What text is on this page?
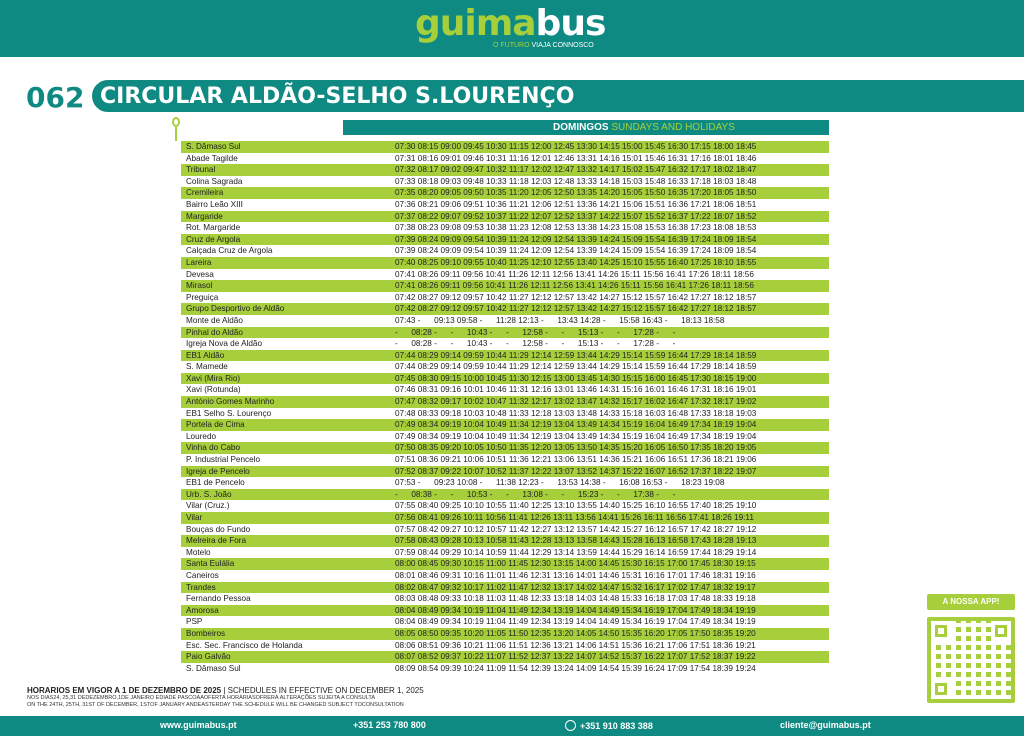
guimabus
O FUTURO VIAJA CONNOSCO
062 CIRCULAR ALDÃO-SELHO S.LOURENÇO
DOMINGOS SUNDAYS AND HOLIDAYS
S. Dâmaso Sul	07:30 08:15 09:00 09:45 10:30 11:15 12:00 12:45 13:30 14:15 15:00 15:45 16:30 17:15 18:00 18:45
Abade Tagilde	07:31 08:16 09:01 09:46 10:31 11:16 12:01 12:46 13:31 14:16 15:01 15:46 16:31 17:16 18:01 18:46
Tribunal	07:32 08:17 09:02 09:47 10:32 11:17 12:02 12:47 13:32 14:17 15:02 15:47 16:32 17:17 18:02 18:47
Colina Sagrada	07:33 08:18 09:03 09:48 10:33 11:18 12:03 12:48 13:33 14:18 15:03 15:48 16:33 17:18 18:03 18:48
Cremileira	07:35 08:20 09:05 09:50 10:35 11:20 12:05 12:50 13:35 14:20 15:05 15:50 16:35 17:20 18:05 18:50
Bairro Leão XIII	07:36 08:21 09:06 09:51 10:36 11:21 12:06 12:51 13:36 14:21 15:06 15:51 16:36 17:21 18:06 18:51
Margaride	07:37 08:22 09:07 09:52 10:37 11:22 12:07 12:52 13:37 14:22 15:07 15:52 16:37 17:22 18:07 18:52
Rot. Margaride	07:38 08:23 09:08 09:53 10:38 11:23 12:08 12:53 13:38 14:23 15:08 15:53 16:38 17:23 18:08 18:53
Cruz de Argola	07:39 08:24 09:09 09:54 10:39 11:24 12:09 12:54 13:39 14:24 15:09 15:54 16:39 17:24 18:09 18:54
Calçada Cruz de Argola	07:39 08:24 09:09 09:54 10:39 11:24 12:09 12:54 13:39 14:24 15:09 15:54 16:39 17:24 18:09 18:54
Lareira	07:40 08:25 09:10 09:55 10:40 11:25 12:10 12:55 13:40 14:25 15:10 15:55 16:40 17:25 18:10 18:55
Devesa	07:41 08:26 09:11 09:56 10:41 11:26 12:11 12:56 13:41 14:26 15:11 15:56 16:41 17:26 18:11 18:56
Mirasol	07:41 08:26 09:11 09:56 10:41 11:26 12:11 12:56 13:41 14:26 15:11 15:56 16:41 17:26 18:11 18:56
Preguiça	07:42 08:27 09:12 09:57 10:42 11:27 12:12 12:57 13:42 14:27 15:12 15:57 16:42 17:27 18:12 18:57
Grupo Desportivo de Aldão	07:42 08:27 09:12 09:57 10:42 11:27 12:12 12:57 13:42 14:27 15:12 15:57 16:42 17:27 18:12 18:57
Monte de Aldão	07:43 -      09:13 09:58 -      11:28 12:13 -      13:43 14:28 -      15:58 16:43 -      18:13 18:58
Pinhal do Aldão	-      08:28 -      -      10:43 -      -      12:58 -      -      15:13 -      -      17:28 -      -
Igreja Nova de Aldão	-      08:28 -      -      10:43 -      -      12:58 -      -      15:13 -      -      17:28 -      -
EB1 Aldão	07:44 08:29 09:14 09:59 10:44 11:29 12:14 12:59 13:44 14:29 15:14 15:59 16:44 17:29 18:14 18:59
S. Mamede	07:44 08:29 09:14 09:59 10:44 11:29 12:14 12:59 13:44 14:29 15:14 15:59 16:44 17:29 18:14 18:59
Xavi (Mira Rio)	07:45 08:30 09:15 10:00 10:45 11:30 12:15 13:00 13:45 14:30 15:15 16:00 16:45 17:30 18:15 19:00
Xavi (Rotunda)	07:46 08:31 09:16 10:01 10:46 11:31 12:16 13:01 13:46 14:31 15:16 16:01 16:46 17:31 18:16 19:01
António Gomes Marinho	07:47 08:32 09:17 10:02 10:47 11:32 12:17 13:02 13:47 14:32 15:17 16:02 16:47 17:32 18:17 19:02
EB1 Selho S. Lourenço	07:48 08:33 09:18 10:03 10:48 11:33 12:18 13:03 13:48 14:33 15:18 16:03 16:48 17:33 18:18 19:03
Portela de Cima	07:49 08:34 09:19 10:04 10:49 11:34 12:19 13:04 13:49 14:34 15:19 16:04 16:49 17:34 18:19 19:04
Louredo	07:49 08:34 09:19 10:04 10:49 11:34 12:19 13:04 13:49 14:34 15:19 16:04 16:49 17:34 18:19 19:04
Vinha do Cabo	07:50 08:35 09:20 10:05 10:50 11:35 12:20 13:05 13:50 14:35 15:20 16:05 16:50 17:35 18:20 19:05
P. Industrial Pencelo	07:51 08:36 09:21 10:06 10:51 11:36 12:21 13:06 13:51 14:36 15:21 16:06 16:51 17:36 18:21 19:06
Igreja de Pencelo	07:52 08:37 09:22 10:07 10:52 11:37 12:22 13:07 13:52 14:37 15:22 16:07 16:52 17:37 18:22 19:07
EB1 de Pencelo	07:53 -      09:23 10:08 -      11:38 12:23 -      13:53 14:38 -      16:08 16:53 -      18:23 19:08
Urb. S. João	-      08:38 -      -      10:53 -      -      13:08 -      -      15:23 -      -      17:38 -      -
Vilar (Cruz.)	07:55 08:40 09:25 10:10 10:55 11:40 12:25 13:10 13:55 14:40 15:25 16:10 16:55 17:40 18:25 19:10
Vilar	07:56 08:41 09:26 10:11 10:56 11:41 12:26 13:11 13:56 14:41 15:26 16:11 16:56 17:41 18:26 19:11
Bouças do Fundo	07:57 08:42 09:27 10:12 10:57 11:42 12:27 13:12 13:57 14:42 15:27 16:12 16:57 17:42 18:27 19:12
Melreira de Fora	07:58 08:43 09:28 10:13 10:58 11:43 12:28 13:13 13:58 14:43 15:28 16:13 16:58 17:43 18:28 19:13
Motelo	07:59 08:44 09:29 10:14 10:59 11:44 12:29 13:14 13:59 14:44 15:29 16:14 16:59 17:44 18:29 19:14
Santa Eulália	08:00 08:45 09:30 10:15 11:00 11:45 12:30 13:15 14:00 14:45 15:30 16:15 17:00 17:45 18:30 19:15
Caneiros	08:01 08:46 09:31 10:16 11:01 11:46 12:31 13:16 14:01 14:46 15:31 16:16 17:01 17:46 18:31 19:16
Trandes	08:02 08:47 09:32 10:17 11:02 11:47 12:32 13:17 14:02 14:47 15:32 16:17 17:02 17:47 18:32 19:17
Fernando Pessoa	08:03 08:48 09:33 10:18 11:03 11:48 12:33 13:18 14:03 14:48 15:33 16:18 17:03 17:48 18:33 19:18
Amorosa	08:04 08:49 09:34 10:19 11:04 11:49 12:34 13:19 14:04 14:49 15:34 16:19 17:04 17:49 18:34 19:19
PSP	08:04 08:49 09:34 10:19 11:04 11:49 12:34 13:19 14:04 14:49 15:34 16:19 17:04 17:49 18:34 19:19
Bombeiros	08:05 08:50 09:35 10:20 11:05 11:50 12:35 13:20 14:05 14:50 15:35 16:20 17:05 17:50 18:35 19:20
Esc. Sec. Francisco de Holanda	08:06 08:51 09:36 10:21 11:06 11:51 12:36 13:21 14:06 14:51 15:36 16:21 17:06 17:51 18:36 19:21
Paio Galvão	08:07 08:52 09:37 10:22 11:07 11:52 12:37 13:22 14:07 14:52 15:37 16:22 17:07 17:52 18:37 19:22
S. Dâmaso Sul	08:09 08:54 09:39 10:24 11:09 11:54 12:39 13:24 14:09 14:54 15:39 16:24 17:09 17:54 18:39 19:24
HORARIOS EM VIGOR A 1 DE DEZEMBRO DE 2025 | SCHEDULES IN EFFECTIVE ON DECEMBER 1, 2025
NOS DIAS24, 25,31 DEDEZEMBRO,1DE JANEIRO EDIADE PASCOAAOFERTA HORÁRIASOFRERÁ ALTERAÇÕES SUJEITA A CONSULTA
ON THE 24TH, 25TH, 31ST OF DECEMBER, 1STOF JANUARY ANDEASTERDAY THE SCHEDULE WILL BE CHANGED SUBJECT TOCONSULTATION
A NOSSA APP!
www.guimabus.pt	+351 253 780 800	+351 910 883 388	cliente@guimabus.pt
